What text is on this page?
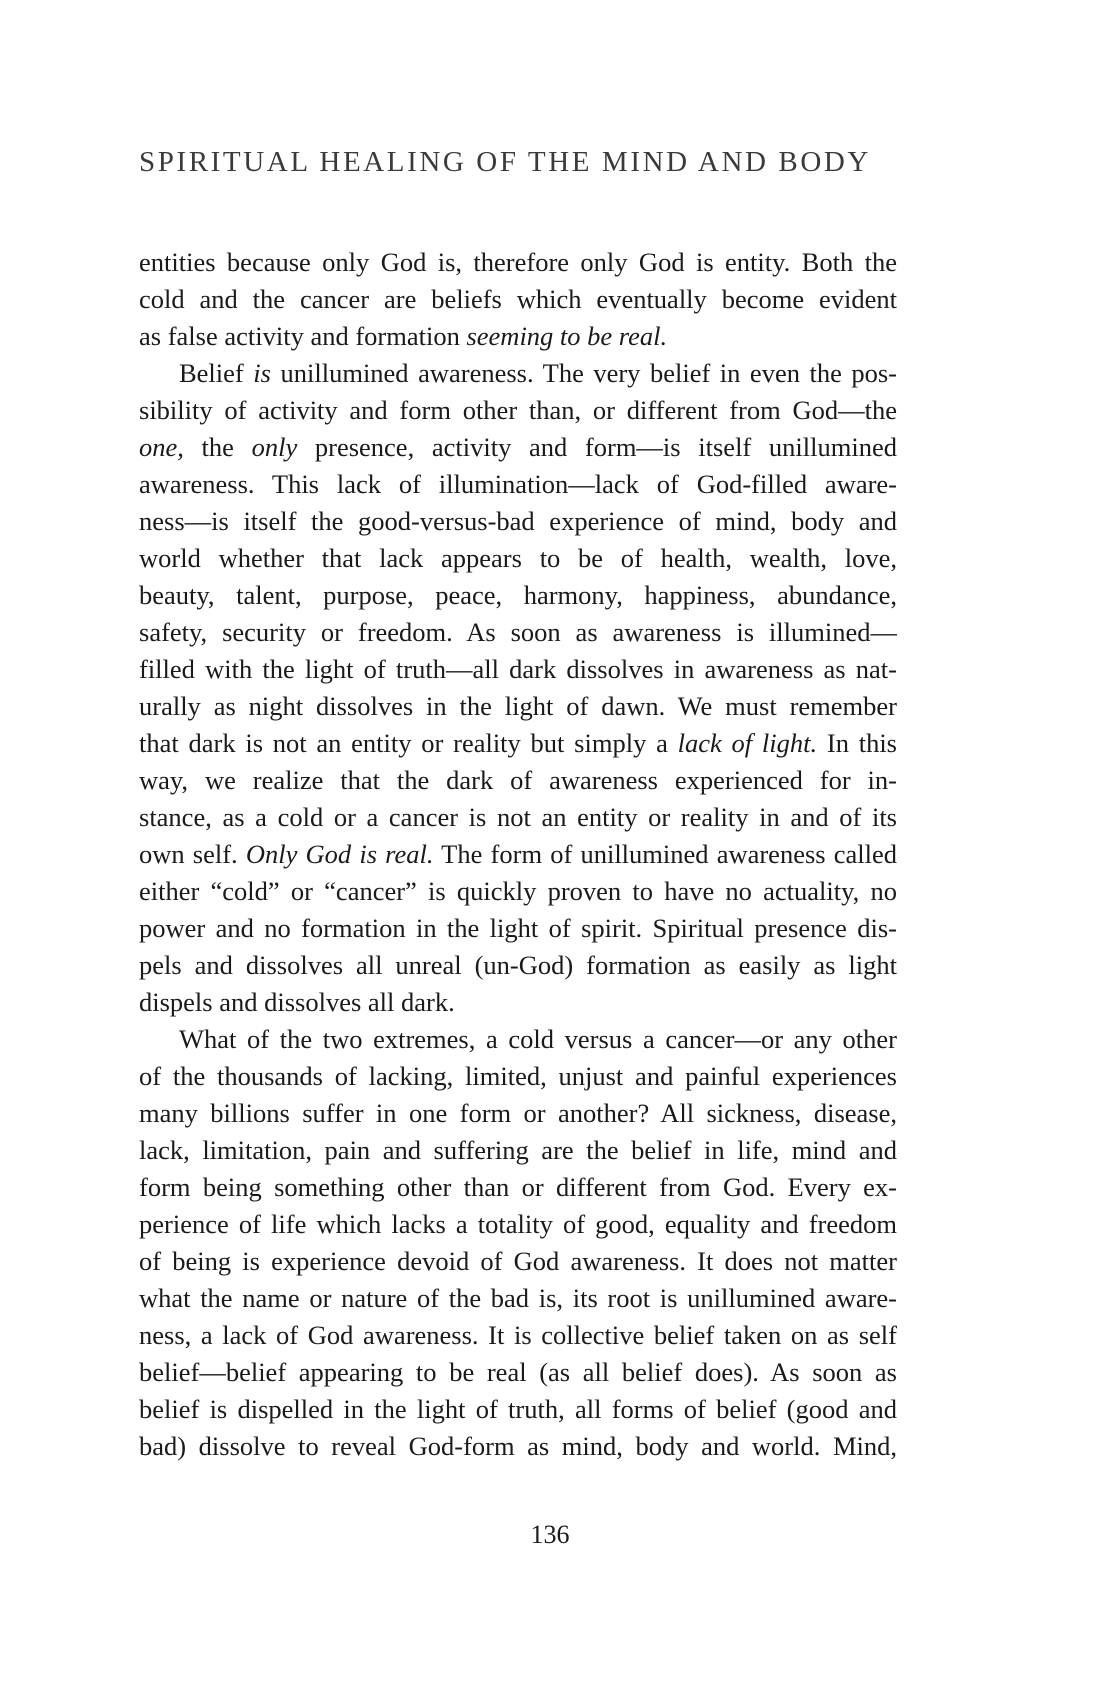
SPIRITUAL HEALING OF THE MIND AND BODY
entities because only God is, therefore only God is entity. Both the
cold and the cancer are beliefs which eventually become evident
as false activity and formation seeming to be real.
Belief is unillumined awareness. The very belief in even the pos-
sibility of activity and form other than, or different from God—the
one, the only presence, activity and form—is itself unillumined
awareness. This lack of illumination—lack of God-filled aware-
ness—is itself the good-versus-bad experience of mind, body and
world whether that lack appears to be of health, wealth, love,
beauty, talent, purpose, peace, harmony, happiness, abundance,
safety, security or freedom. As soon as awareness is illumined—
filled with the light of truth—all dark dissolves in awareness as nat-
urally as night dissolves in the light of dawn. We must remember
that dark is not an entity or reality but simply a lack of light. In this
way, we realize that the dark of awareness experienced for in-
stance, as a cold or a cancer is not an entity or reality in and of its
own self. Only God is real. The form of unillumined awareness called
either “cold” or “cancer” is quickly proven to have no actuality, no
power and no formation in the light of spirit. Spiritual presence dis-
pels and dissolves all unreal (un-God) formation as easily as light
dispels and dissolves all dark.
What of the two extremes, a cold versus a cancer—or any other
of the thousands of lacking, limited, unjust and painful experiences
many billions suffer in one form or another? All sickness, disease,
lack, limitation, pain and suffering are the belief in life, mind and
form being something other than or different from God. Every ex-
perience of life which lacks a totality of good, equality and freedom
of being is experience devoid of God awareness. It does not matter
what the name or nature of the bad is, its root is unillumined aware-
ness, a lack of God awareness. It is collective belief taken on as self
belief—belief appearing to be real (as all belief does). As soon as
belief is dispelled in the light of truth, all forms of belief (good and
bad) dissolve to reveal God-form as mind, body and world. Mind,
136
